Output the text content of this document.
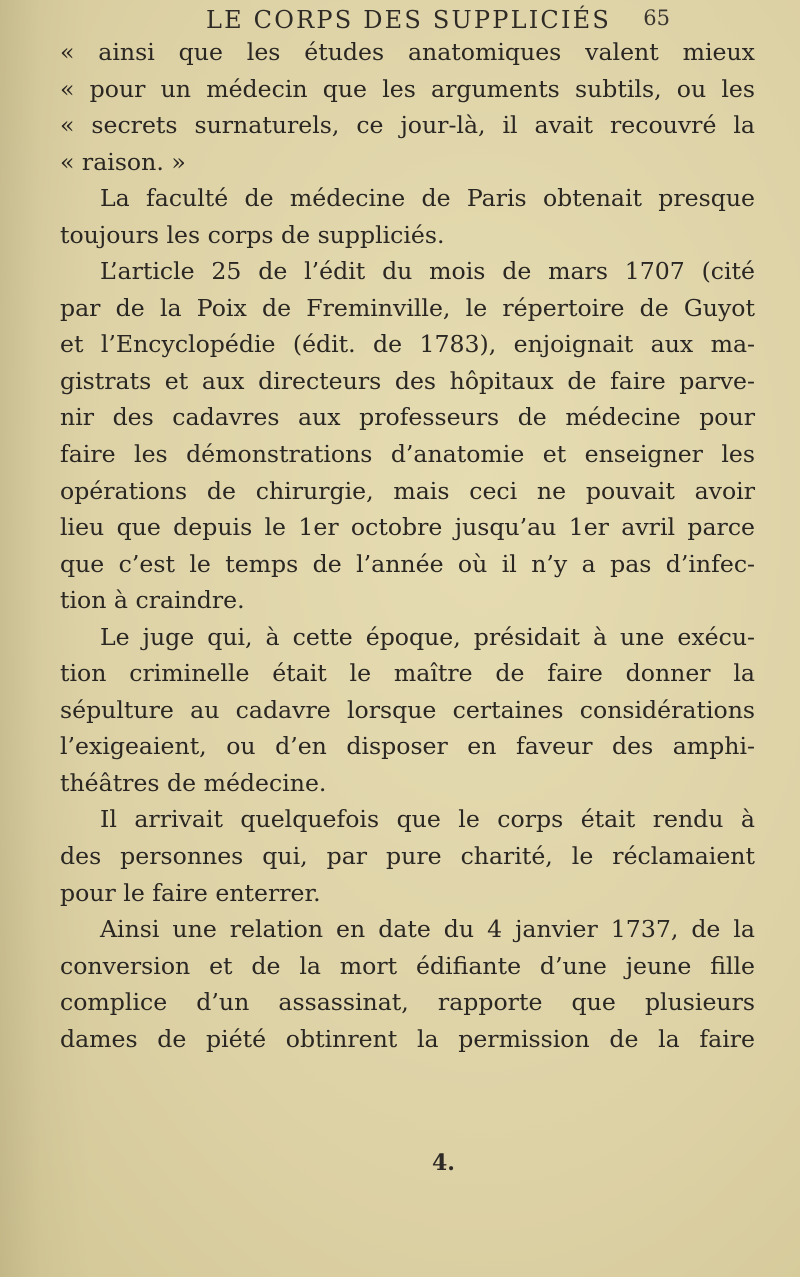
LE CORPS DES SUPPLICIÉS 65
« ainsi que les études anatomiques valent mieux
« pour un médecin que les arguments subtils, ou les
« secrets surnaturels, ce jour-là, il avait recouvré la
« raison. »
La faculté de médecine de Paris obtenait presque
toujours les corps de suppliciés.
L’article 25 de l’édit du mois de mars 1707 (cité
par de la Poix de Freminville, le répertoire de Guyot
et l’Encyclopédie (édit. de 1783), enjoignait aux ma-
gistrats et aux directeurs des hôpitaux de faire parve-
nir des cadavres aux professeurs de médecine pour
faire les démonstrations d’anatomie et enseigner les
opérations de chirurgie, mais ceci ne pouvait avoir
lieu que depuis le 1er octobre jusqu’au 1er avril parce
que c’est le temps de l’année où il n’y a pas d’infec-
tion à craindre.
Le juge qui, à cette époque, présidait à une exécu-
tion criminelle était le maître de faire donner la
sépulture au cadavre lorsque certaines considérations
l’exigeaient, ou d’en disposer en faveur des amphi-
théâtres de médecine.
Il arrivait quelquefois que le corps était rendu à
des personnes qui, par pure charité, le réclamaient
pour le faire enterrer.
Ainsi une relation en date du 4 janvier 1737, de la
conversion et de la mort édifiante d’une jeune fille
complice d’un assassinat, rapporte que plusieurs
dames de piété obtinrent la permission de la faire
4.
